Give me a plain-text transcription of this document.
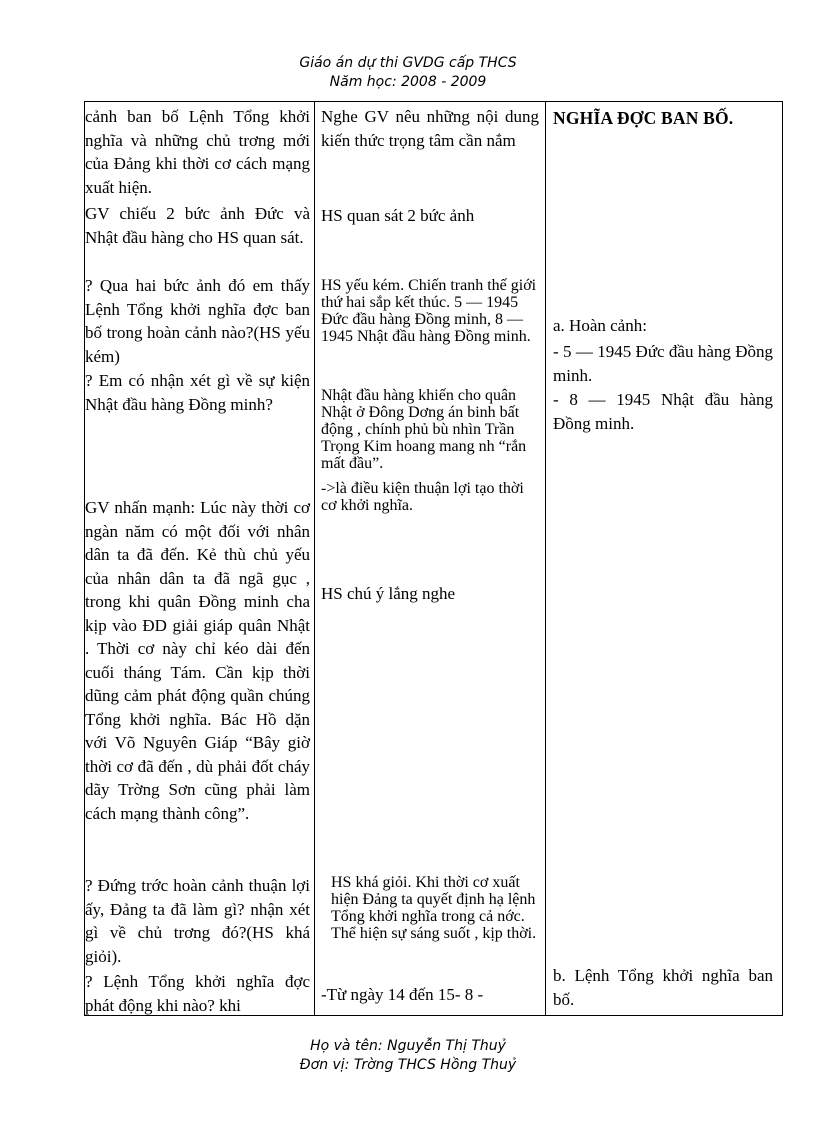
Giáo án dự thi GVDG cấp THCS
Năm học: 2008 - 2009

cảnh ban bố Lệnh Tổng khởi nghĩa và những chủ trơng mới của Đảng khi thời cơ cách mạng xuất hiện.

GV chiếu 2 bức ảnh Đức và Nhật đầu hàng cho HS quan sát.

? Qua hai bức ảnh đó em thấy Lệnh Tổng khởi nghĩa đợc ban bố trong hoàn cảnh nào?(HS yếu kém)

? Em có nhận xét gì về sự kiện Nhật đầu hàng Đồng minh?

GV nhấn mạnh: Lúc này thời cơ ngàn năm có một đối với nhân dân ta đã đến. Kẻ thù chủ yếu của nhân dân ta đã ngã gục , trong khi quân Đồng minh cha kịp vào ĐD giải giáp quân Nhật . Thời cơ này chỉ kéo dài đến cuối tháng Tám. Cần kịp thời dũng cảm phát động quần chúng Tổng khởi nghĩa. Bác Hồ dặn với Võ Nguyên Giáp “Bây giờ thời cơ đã đến , dù phải đốt cháy dãy Trờng Sơn cũng phải làm cách mạng thành công”.

? Đứng trớc hoàn cảnh thuận lợi ấy, Đảng ta đã làm gì? nhận xét gì về chủ trơng đó?(HS khá giỏi).

? Lệnh Tổng khởi nghĩa đợc phát động khi nào? khi

Nghe GV nêu những nội dung kiến thức trọng tâm cần nắm

HS quan sát 2 bức ảnh

HS yếu kém. Chiến tranh thế giới thứ hai sắp kết thúc. 5 — 1945 Đức đầu hàng Đồng minh, 8 — 1945 Nhật đầu hàng Đồng minh.

Nhật đầu hàng khiến cho quân Nhật ở Đông Dơng án binh bất động , chính phủ bù nhìn Trần Trọng Kim hoang mang nh “rắn mất đầu”.

->là điều kiện thuận lợi tạo thời cơ khởi nghĩa.

HS chú ý lắng nghe

HS khá giỏi. Khi thời cơ xuất hiện Đảng ta quyết định hạ lệnh Tổng khởi nghĩa trong cả nớc. Thể hiện sự sáng suốt , kịp thời.

-Từ ngày 14 đến 15- 8 -

NGHĨA ĐỢC BAN BỐ.

a. Hoàn cảnh:

- 5 — 1945 Đức đầu hàng Đồng minh.

- 8 — 1945 Nhật đầu hàng Đồng minh.

b. Lệnh Tổng khởi nghĩa ban bố.

Họ và tên: Nguyễn Thị Thuỷ
Đơn vị: Trờng THCS Hồng Thuỷ
